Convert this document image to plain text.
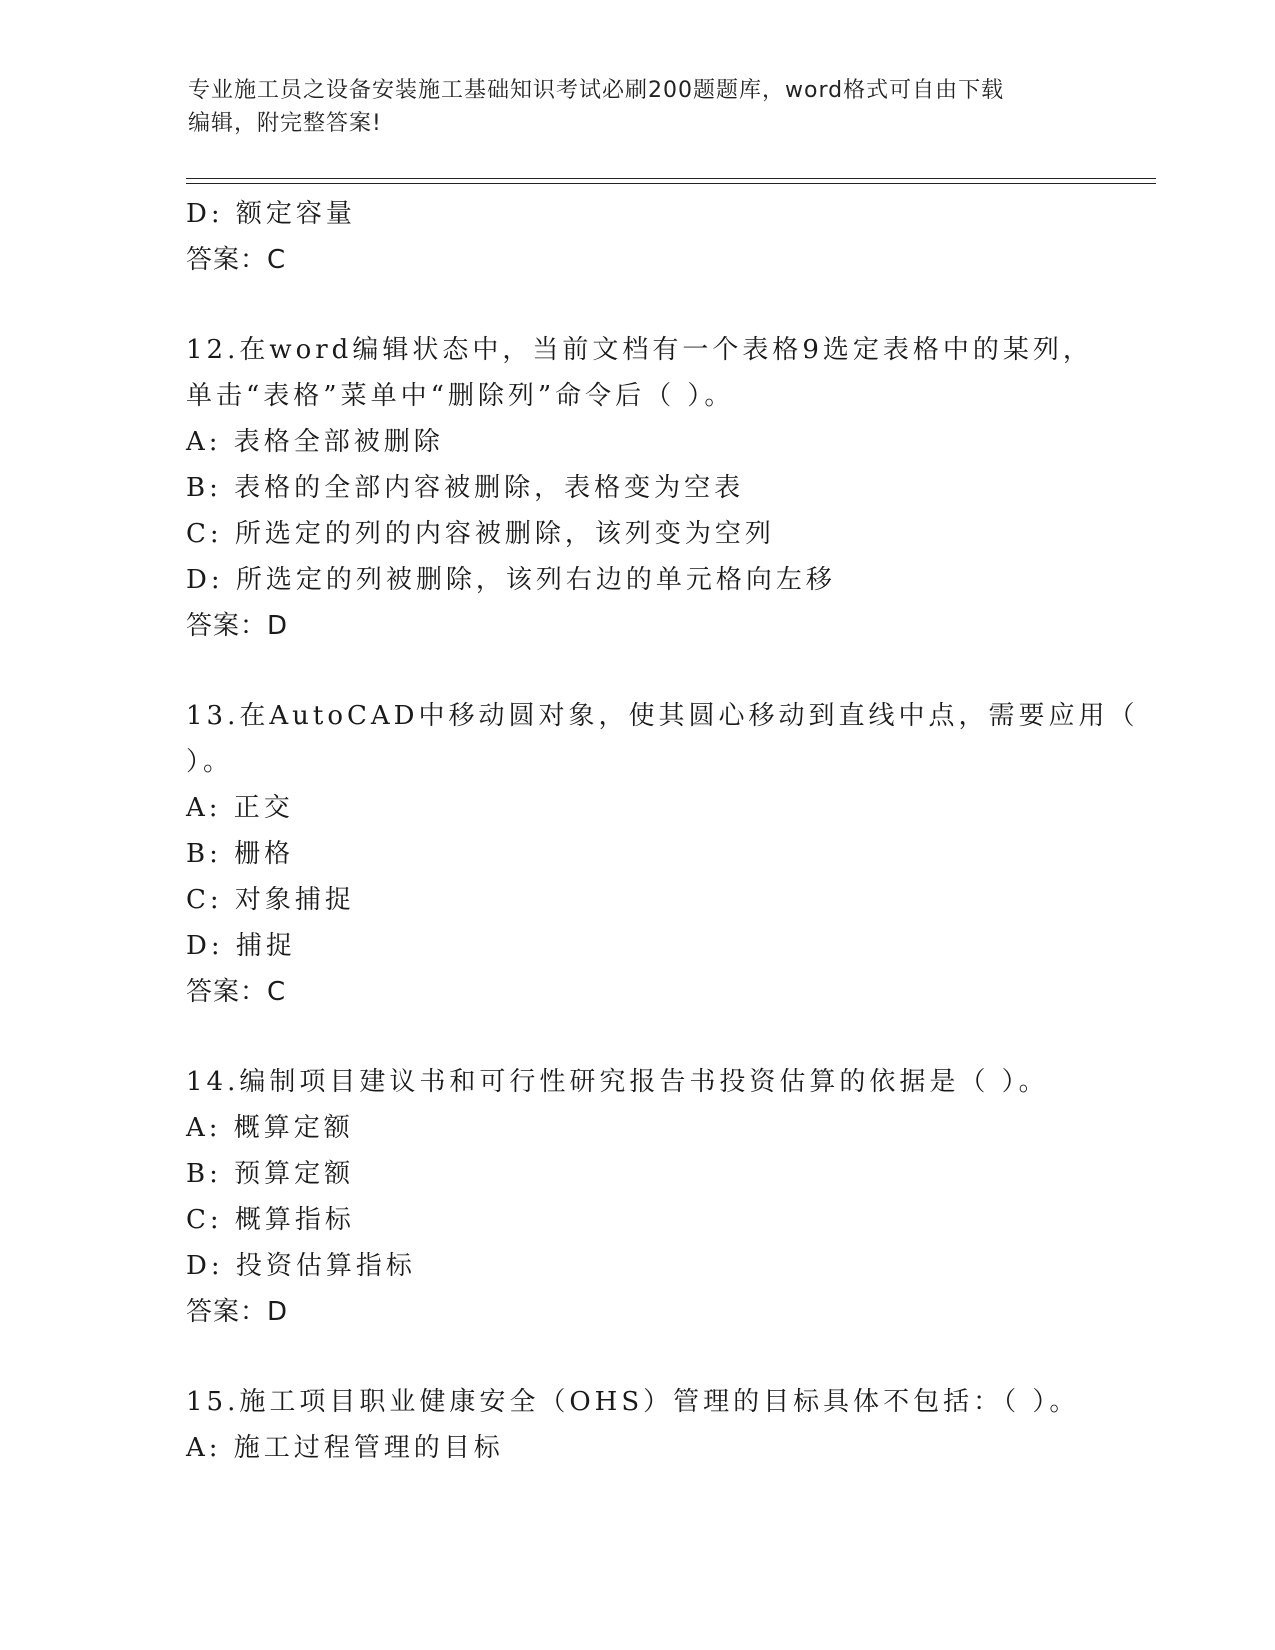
专业施工员之设备安装施工基础知识考试必刷200题题库，word格式可自由下载
编辑，附完整答案!
D: 额定容量
答案：C
12.在word编辑状态中，当前文档有一个表格9选定表格中的某列，
单击“表格”菜单中“删除列”命令后（ ）。
A: 表格全部被删除
B: 表格的全部内容被删除，表格变为空表
C: 所选定的列的内容被删除，该列变为空列
D: 所选定的列被删除，该列右边的单元格向左移
答案：D
13.在AutoCAD中移动圆对象，使其圆心移动到直线中点，需要应用（
）。
A: 正交
B: 栅格
C: 对象捕捉
D: 捕捉
答案：C
14.编制项目建议书和可行性研究报告书投资估算的依据是（ ）。
A: 概算定额
B: 预算定额
C: 概算指标
D: 投资估算指标
答案：D
15.施工项目职业健康安全（OHS）管理的目标具体不包括：（ ）。
A: 施工过程管理的目标
